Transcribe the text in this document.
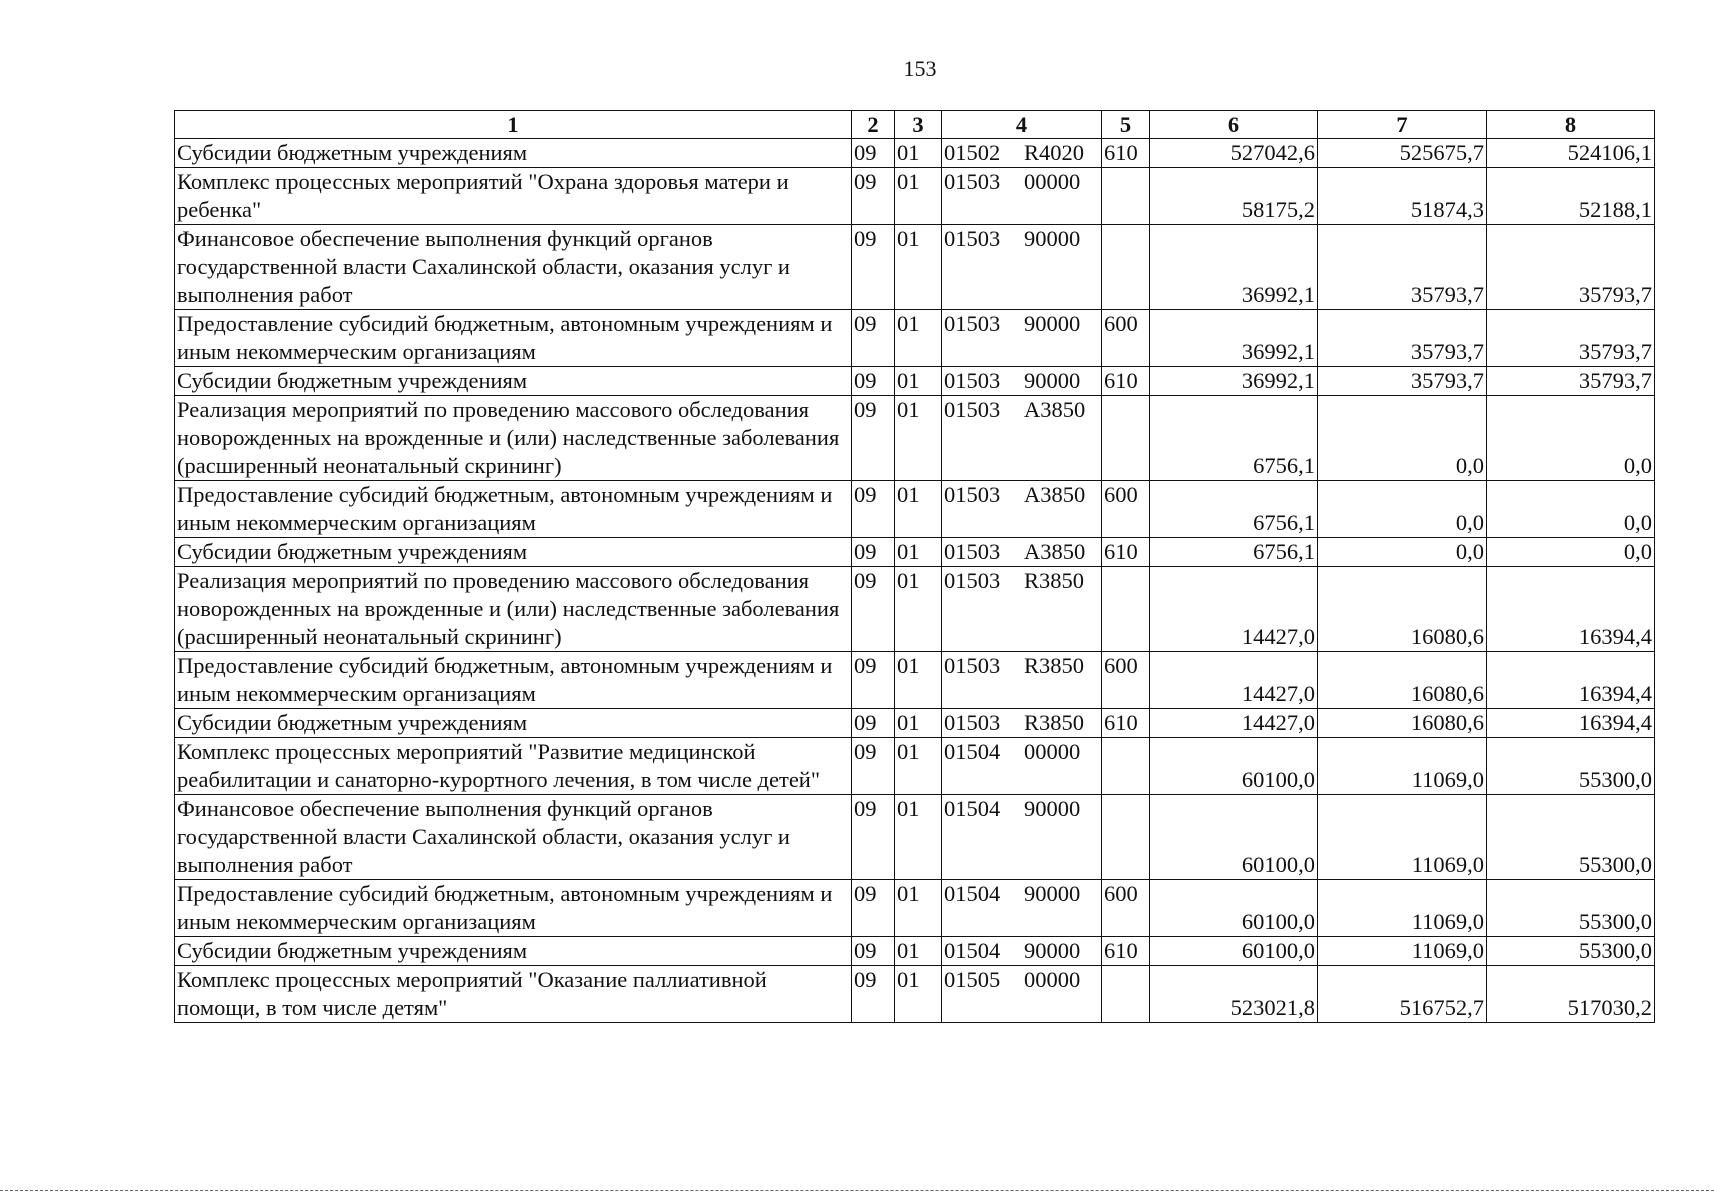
153
1	2	3	4	5	6	7	8
Субсидии бюджетным учреждениям	09	01	01502 R4020	610	527042,6	525675,7	524106,1
Комплекс процессных мероприятий "Охрана здоровья матери и ребенка"	09	01	01503 00000		58175,2	51874,3	52188,1
Финансовое обеспечение выполнения функций органов государственной власти Сахалинской области, оказания услуг и выполнения работ	09	01	01503 90000		36992,1	35793,7	35793,7
Предоставление субсидий бюджетным, автономным учреждениям и иным некоммерческим организациям	09	01	01503 90000	600	36992,1	35793,7	35793,7
Субсидии бюджетным учреждениям	09	01	01503 90000	610	36992,1	35793,7	35793,7
Реализация мероприятий по проведению массового обследования новорожденных на врожденные и (или) наследственные заболевания (расширенный неонатальный скрининг)	09	01	01503 А3850		6756,1	0,0	0,0
Предоставление субсидий бюджетным, автономным учреждениям и иным некоммерческим организациям	09	01	01503 А3850	600	6756,1	0,0	0,0
Субсидии бюджетным учреждениям	09	01	01503 А3850	610	6756,1	0,0	0,0
Реализация мероприятий по проведению массового обследования новорожденных на врожденные и (или) наследственные заболевания (расширенный неонатальный скрининг)	09	01	01503 R3850		14427,0	16080,6	16394,4
Предоставление субсидий бюджетным, автономным учреждениям и иным некоммерческим организациям	09	01	01503 R3850	600	14427,0	16080,6	16394,4
Субсидии бюджетным учреждениям	09	01	01503 R3850	610	14427,0	16080,6	16394,4
Комплекс процессных мероприятий "Развитие медицинской реабилитации и санаторно-курортного лечения, в том числе детей"	09	01	01504 00000		60100,0	11069,0	55300,0
Финансовое обеспечение выполнения функций органов государственной власти Сахалинской области, оказания услуг и выполнения работ	09	01	01504 90000		60100,0	11069,0	55300,0
Предоставление субсидий бюджетным, автономным учреждениям и иным некоммерческим организациям	09	01	01504 90000	600	60100,0	11069,0	55300,0
Субсидии бюджетным учреждениям	09	01	01504 90000	610	60100,0	11069,0	55300,0
Комплекс процессных мероприятий "Оказание паллиативной помощи, в том числе детям"	09	01	01505 00000		523021,8	516752,7	517030,2
